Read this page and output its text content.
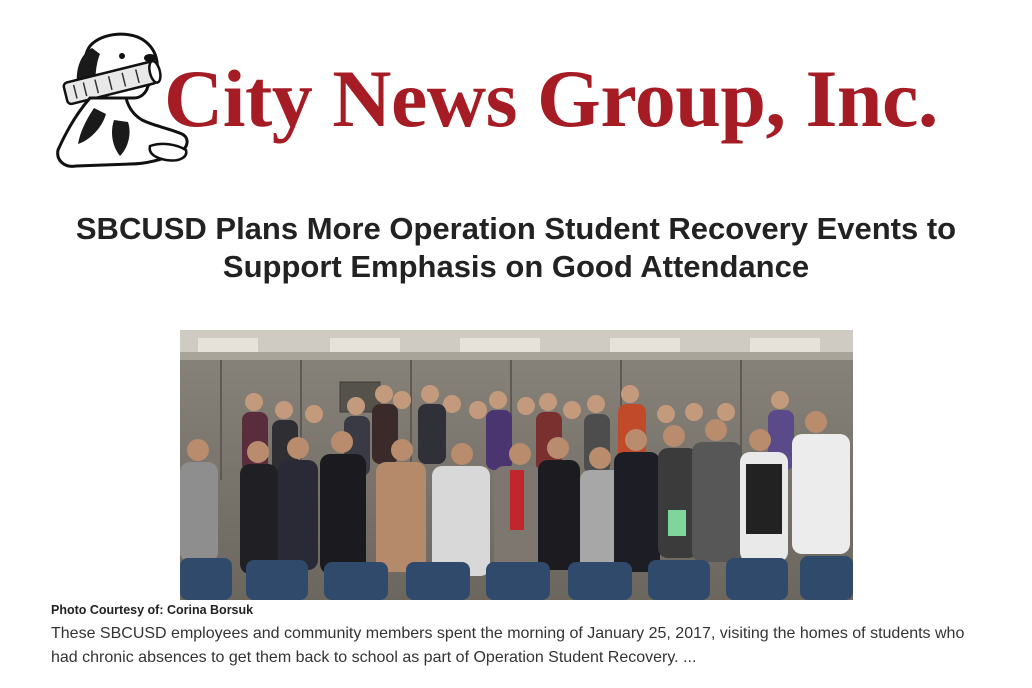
City News Group, Inc.
SBCUSD Plans More Operation Student Recovery Events to Support Emphasis on Good Attendance
Photo Courtesy of: Corina Borsuk

These SBCUSD employees and community members spent the morning of January 25, 2017, visiting the homes of students who had chronic absences to get them back to school as part of Operation Student Recovery. ...
